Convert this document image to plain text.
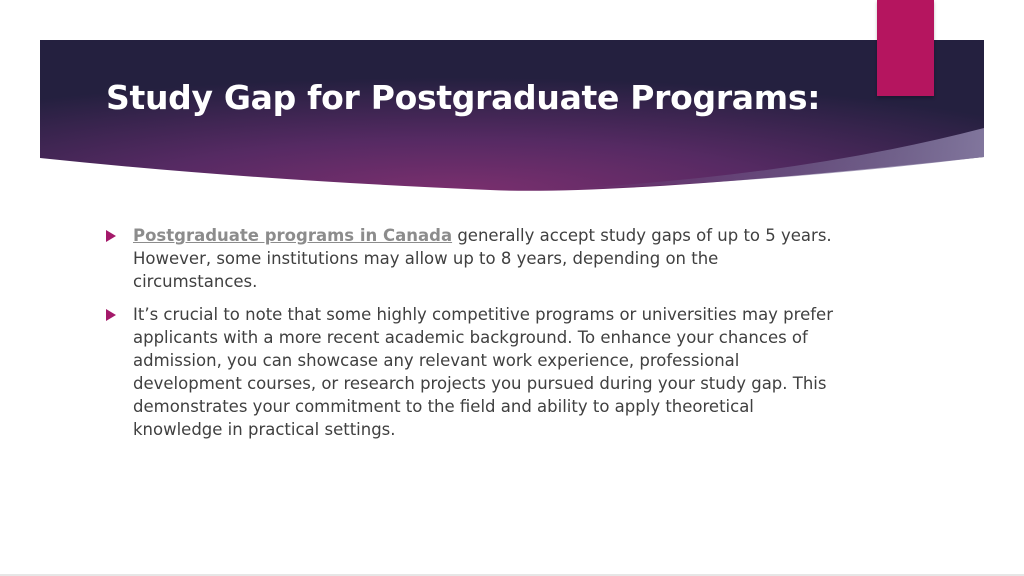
Study Gap for Postgraduate Programs:
Postgraduate programs in Canada generally accept study gaps of up to 5 years. However, some institutions may allow up to 8 years, depending on the circumstances.
It’s crucial to note that some highly competitive programs or universities may prefer applicants with a more recent academic background. To enhance your chances of admission, you can showcase any relevant work experience, professional development courses, or research projects you pursued during your study gap. This demonstrates your commitment to the field and ability to apply theoretical knowledge in practical settings.
